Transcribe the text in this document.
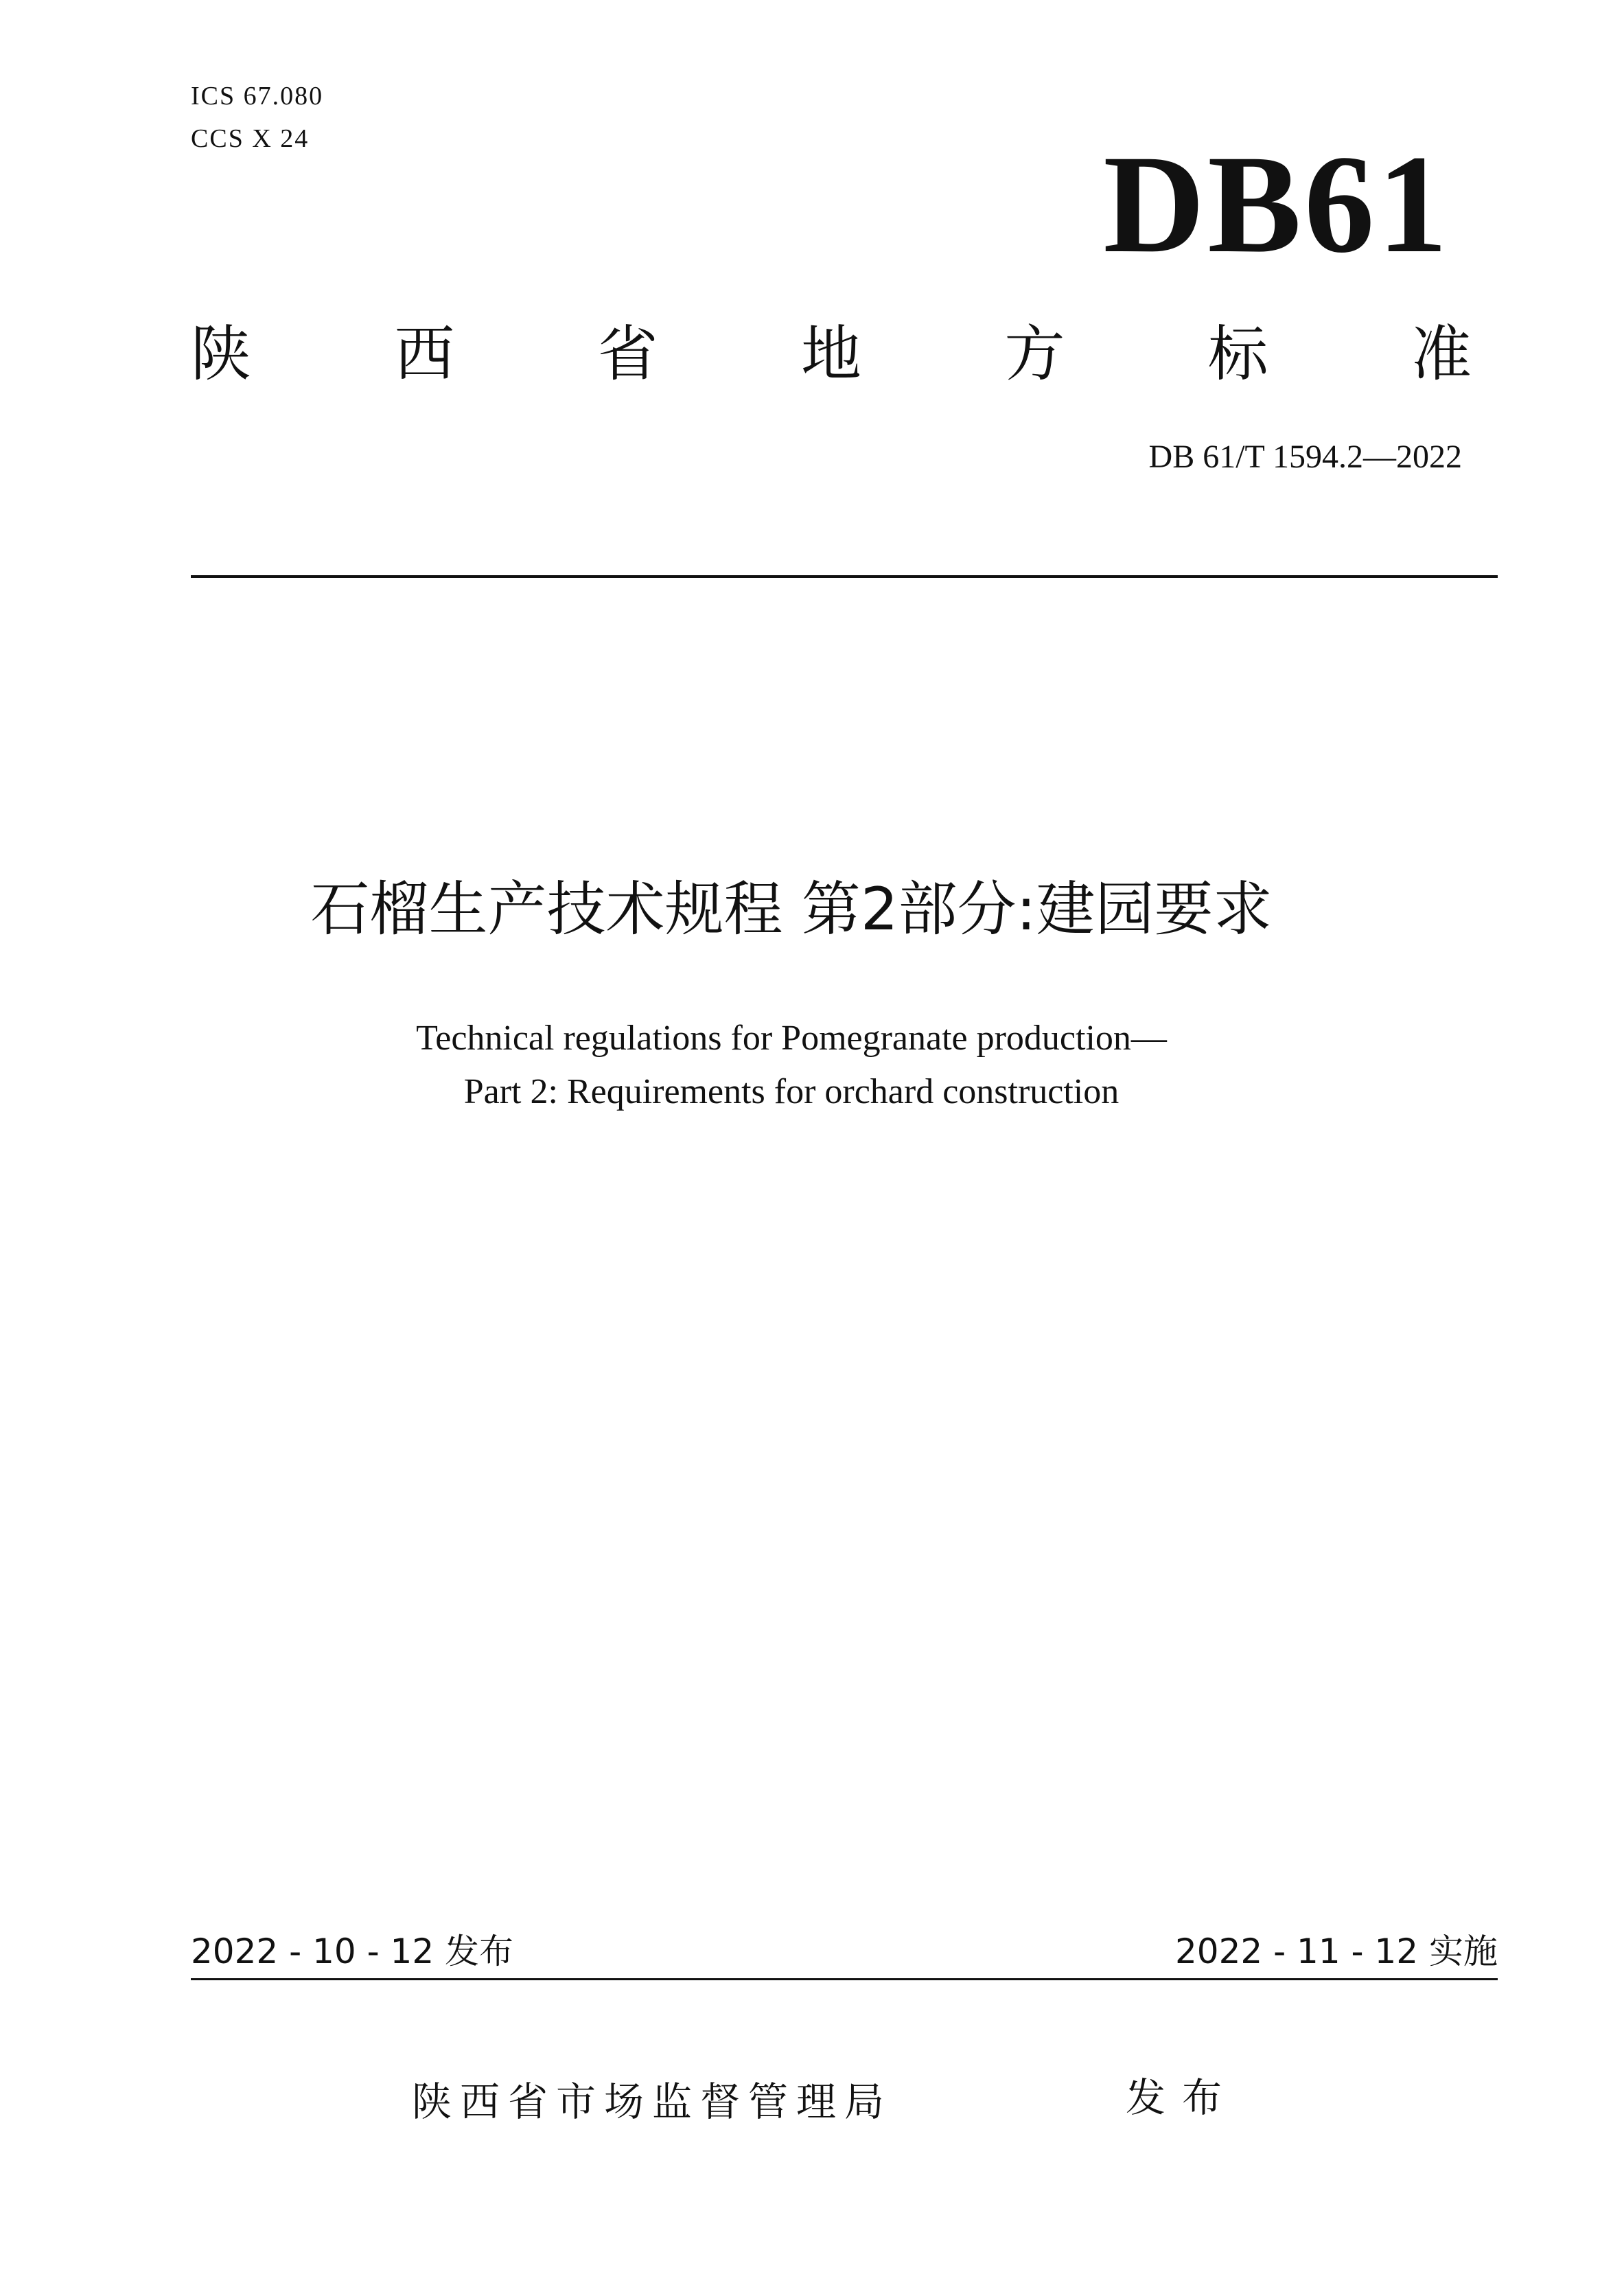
ICS 67.080
CCS X 24	DB61
陕 西 省 地 方 标 准
DB 61/T 1594.2—2022
石榴生产技术规程 第2部分:建园要求
Technical regulations for Pomegranate production—
Part 2: Requirements for orchard construction
2022 - 10 - 12 发布	2022 - 11 - 12 实施
陕西省市场监督管理局	发布
